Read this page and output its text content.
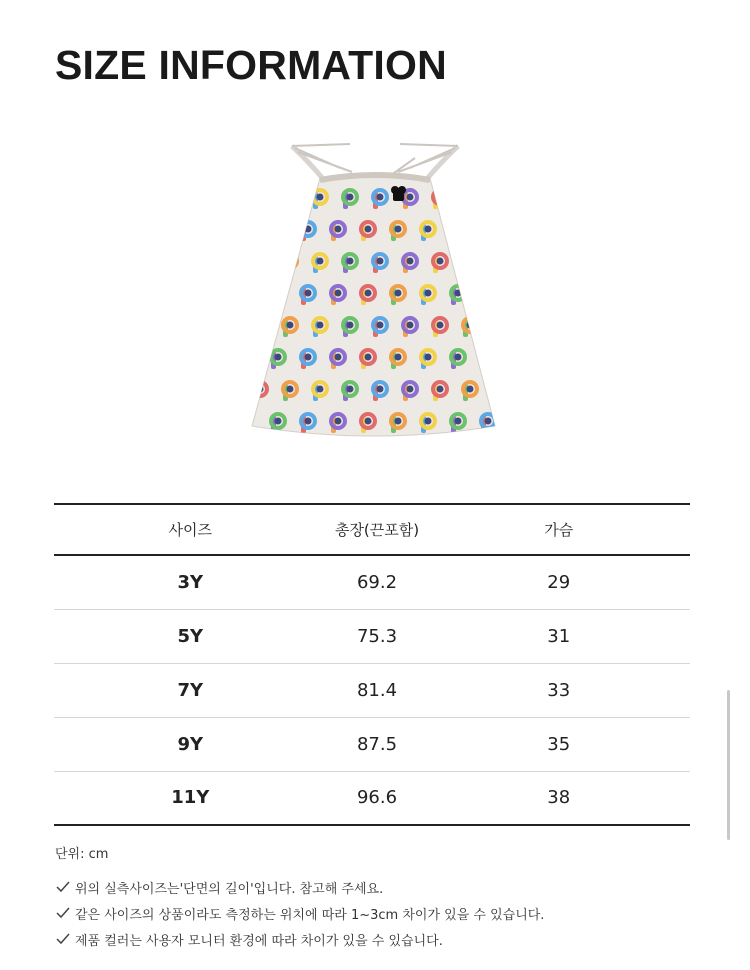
SIZE INFORMATION
사이즈	총장(끈포함)	가슴
3Y	69.2	29
5Y	75.3	31
7Y	81.4	33
9Y	87.5	35
11Y	96.6	38
단위: cm
위의 실측사이즈는'단면의 길이'입니다. 참고해 주세요.
같은 사이즈의 상품이라도 측정하는 위치에 따라 1~3cm 차이가 있을 수 있습니다.
제품 컬러는 사용자 모니터 환경에 따라 차이가 있을 수 있습니다.
